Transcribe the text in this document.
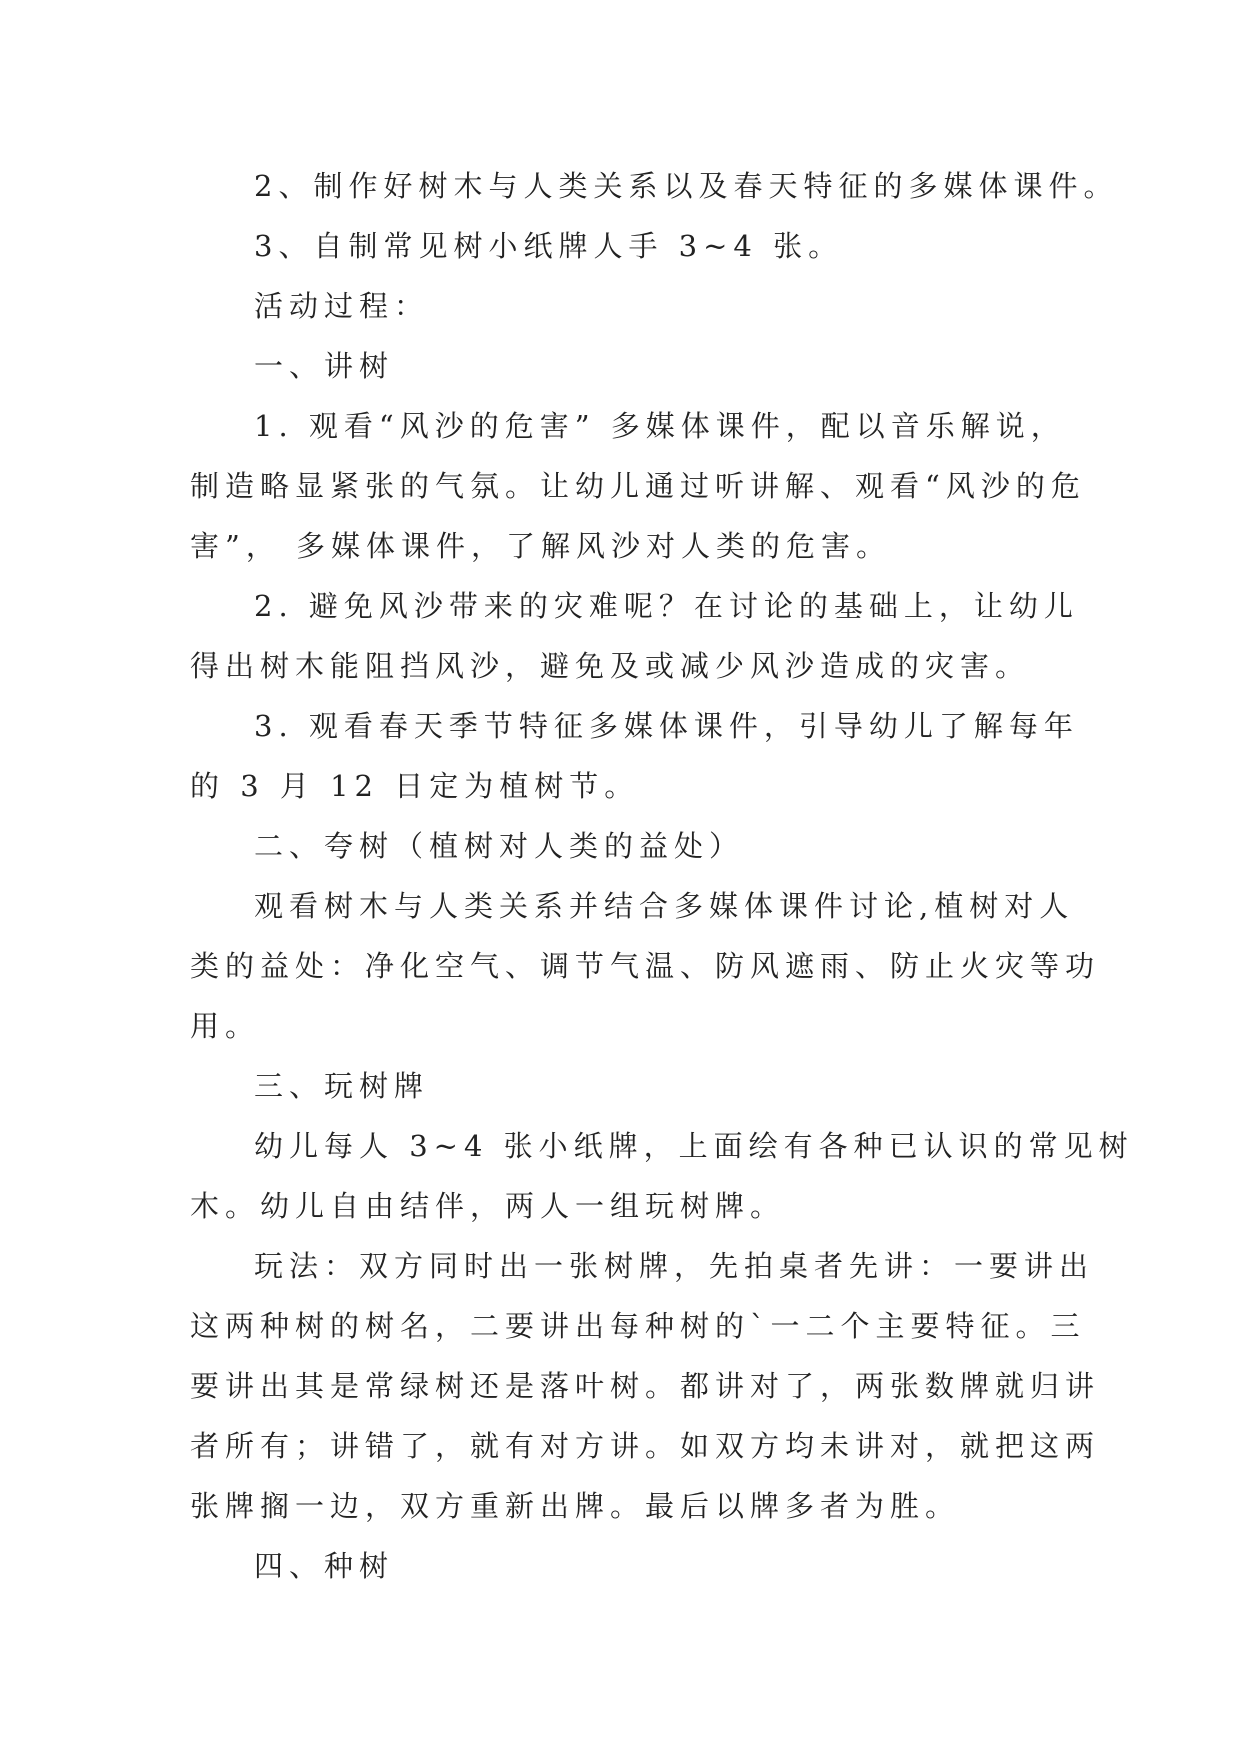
2、制作好树木与人类关系以及春天特征的多媒体课件。

3、自制常见树小纸牌人手 3~4 张。

活动过程：

一、讲树

1. 观看“风沙的危害” 多媒体课件，配以音乐解说，

制造略显紧张的气氛。让幼儿通过听讲解、观看“风沙的危

害”， 多媒体课件，了解风沙对人类的危害。

2. 避免风沙带来的灾难呢？在讨论的基础上，让幼儿

得出树木能阻挡风沙，避免及或减少风沙造成的灾害。

3. 观看春天季节特征多媒体课件，引导幼儿了解每年

的 3 月 12 日定为植树节。

二、夸树（植树对人类的益处）

观看树木与人类关系并结合多媒体课件讨论,植树对人

类的益处：净化空气、调节气温、防风遮雨、防止火灾等功

用。

三、玩树牌

幼儿每人 3~4 张小纸牌，上面绘有各种已认识的常见树

木。幼儿自由结伴，两人一组玩树牌。

玩法：双方同时出一张树牌，先拍桌者先讲：一要讲出

这两种树的树名，二要讲出每种树的`一二个主要特征。三

要讲出其是常绿树还是落叶树。都讲对了，两张数牌就归讲

者所有；讲错了，就有对方讲。如双方均未讲对，就把这两

张牌搁一边，双方重新出牌。最后以牌多者为胜。

四、种树
